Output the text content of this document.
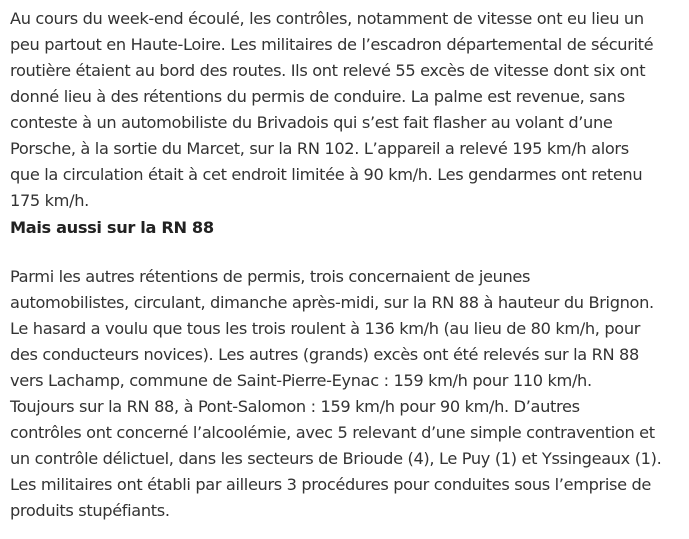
Au cours du week-end écoulé, les contrôles, notamment de vitesse ont eu lieu un
peu partout en Haute-Loire. Les militaires de l’escadron départemental de sécurité
routière étaient au bord des routes. Ils ont relevé 55 excès de vitesse dont six ont
donné lieu à des rétentions du permis de conduire. La palme est revenue, sans
conteste à un automobiliste du Brivadois qui s’est fait flasher au volant d’une
Porsche, à la sortie du Marcet, sur la RN 102. L’appareil a relevé 195 km/h alors
que la circulation était à cet endroit limitée à 90 km/h. Les gendarmes ont retenu
175 km/h.
Mais aussi sur la RN 88
Parmi les autres rétentions de permis, trois concernaient de jeunes
automobilistes, circulant, dimanche après-midi, sur la RN 88 à hauteur du Brignon.
Le hasard a voulu que tous les trois roulent à 136 km/h (au lieu de 80 km/h, pour
des conducteurs novices). Les autres (grands) excès ont été relevés sur la RN 88
vers Lachamp, commune de Saint-Pierre-Eynac : 159 km/h pour 110 km/h.
Toujours sur la RN 88, à Pont-Salomon : 159 km/h pour 90 km/h. D’autres
contrôles ont concerné l’alcoolémie, avec 5 relevant d’une simple contravention et
un contrôle délictuel, dans les secteurs de Brioude (4), Le Puy (1) et Yssingeaux (1).
Les militaires ont établi par ailleurs 3 procédures pour conduites sous l’emprise de
produits stupéfiants.
